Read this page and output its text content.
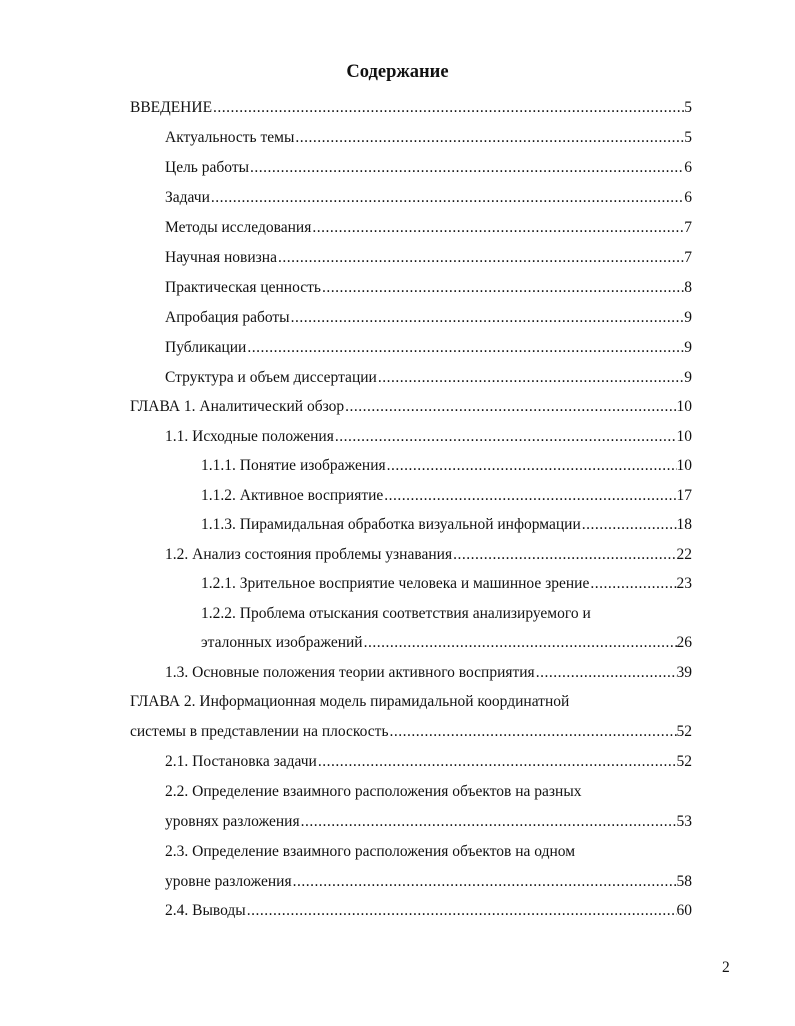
Содержание
ВВЕДЕНИЕ .....	5
Актуальность темы .....	5
Цель работы .....	6
Задачи .....	6
Методы исследования .....	7
Научная новизна .....	7
Практическая ценность .....	8
Апробация работы .....	9
Публикации .....	9
Структура и объем диссертации .....	9
ГЛАВА 1. Аналитический обзор .....	10
1.1. Исходные положения .....	10
1.1.1. Понятие изображения .....	10
1.1.2. Активное восприятие .....	17
1.1.3. Пирамидальная обработка визуальной информации .....	18
1.2. Анализ состояния проблемы узнавания .....	22
1.2.1. Зрительное восприятие человека и машинное зрение .....	23
1.2.2. Проблема отыскания соответствия анализируемого и
эталонных изображений .....	26
1.3. Основные положения теории активного восприятия .....	39
ГЛАВА 2. Информационная модель пирамидальной координатной
системы в представлении на плоскость .....	52
2.1. Постановка задачи .....	52
2.2. Определение взаимного расположения объектов на разных
уровнях разложения .....	53
2.3. Определение взаимного расположения объектов на одном
уровне разложения .....	58
2.4. Выводы .....	60
2
